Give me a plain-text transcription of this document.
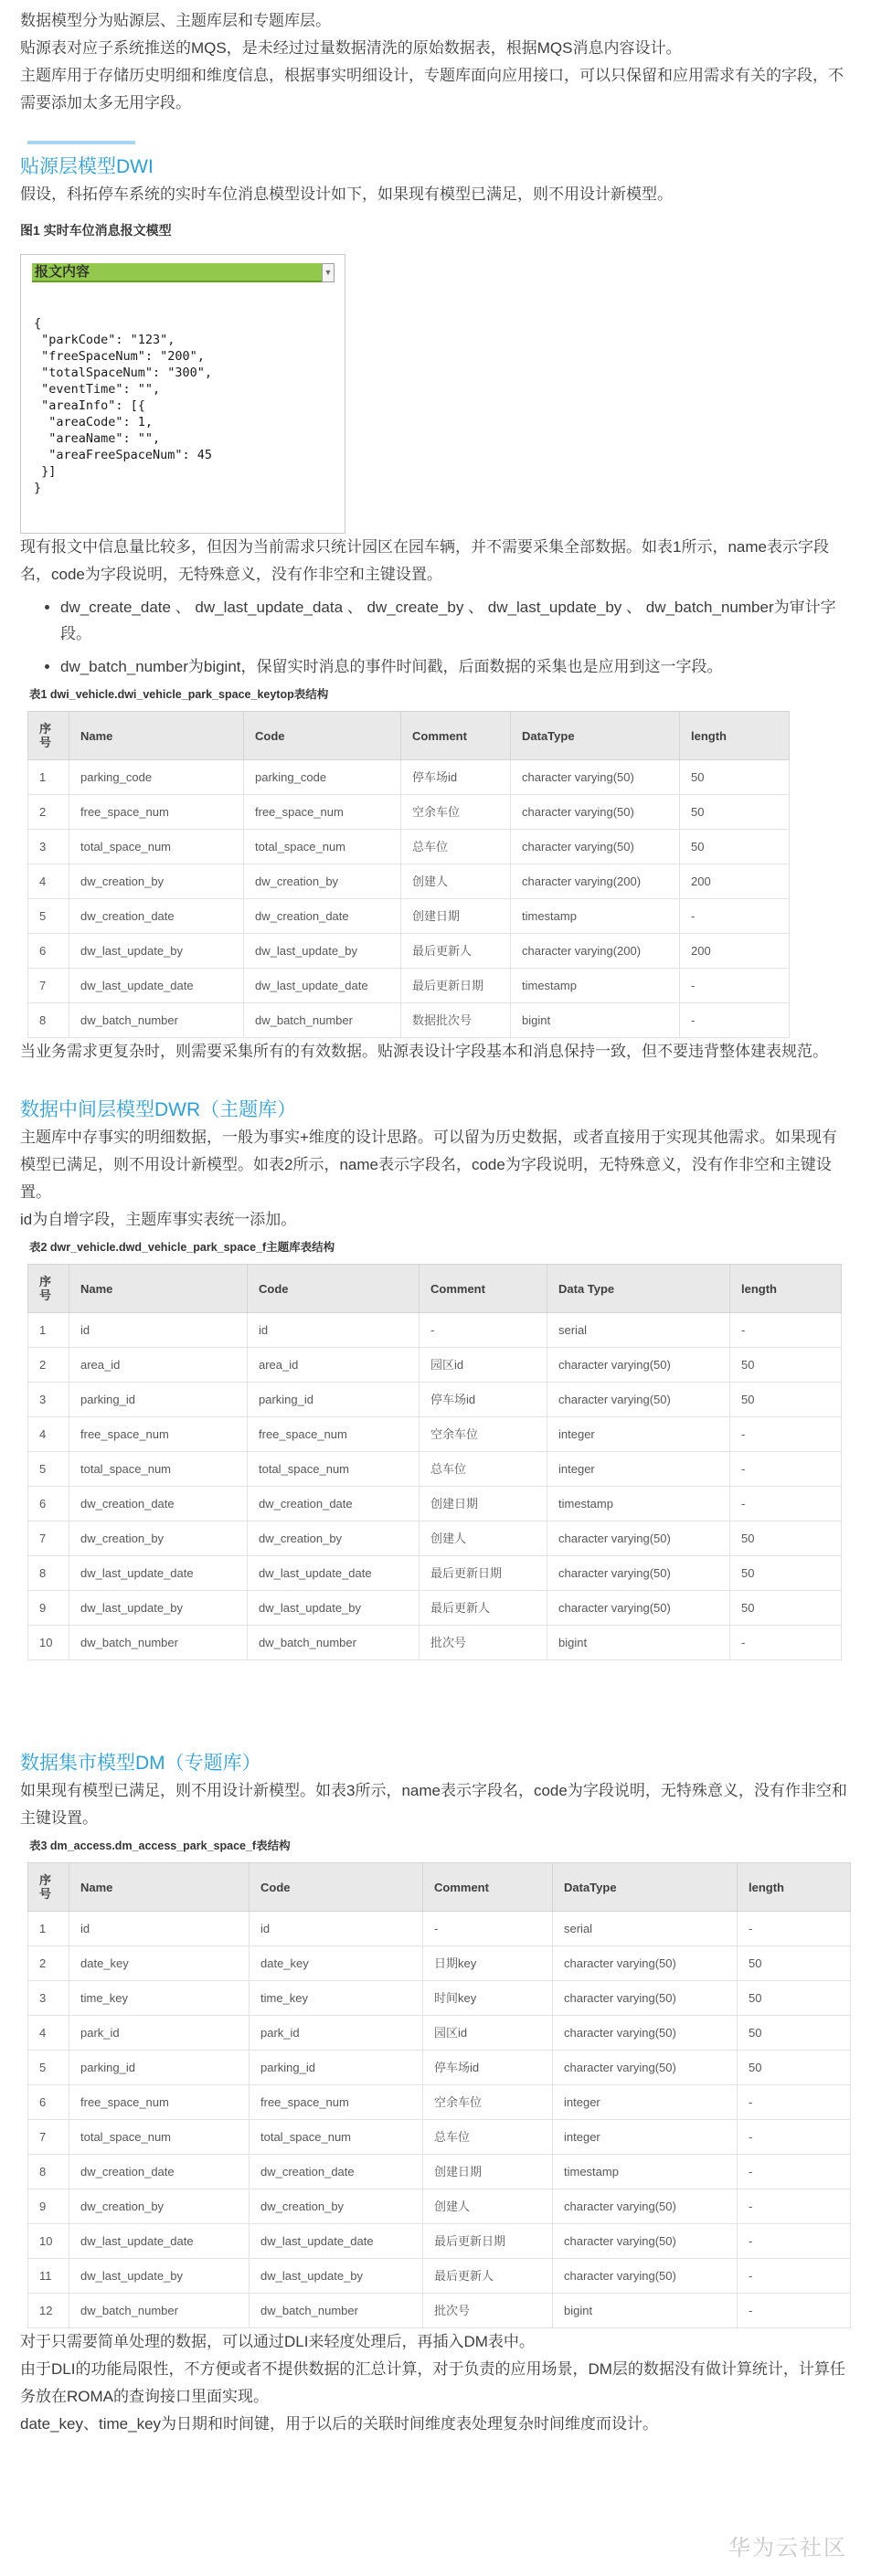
数据模型分为贴源层、主题库层和专题库层。

贴源表对应子系统推送的MQS，是未经过过量数据清洗的原始数据表，根据MQS消息内容设计。

主题库用于存储历史明细和维度信息，根据事实明细设计，专题库面向应用接口，可以只保留和应用需求有关的字段，不需要添加太多无用字段。

贴源层模型DWI

假设，科拓停车系统的实时车位消息模型设计如下，如果现有模型已满足，则不用设计新模型。

图1 实时车位消息报文模型
报文内容	▼
{
"parkCode": "123",
"freeSpaceNum": "200",
"totalSpaceNum": "300",
"eventTime": "",
"areaInfo": [{
"areaCode": 1,
"areaName": "",
"areaFreeSpaceNum": 45
}]
}

现有报文中信息量比较多，但因为当前需求只统计园区在园车辆，并不需要采集全部数据。如表1所示，name表示字段名，code为字段说明，无特殊意义，没有作非空和主键设置。

• dw_create_date 、 dw_last_update_data 、 dw_create_by 、 dw_last_update_by 、 dw_batch_number为审计字段。
• dw_batch_number为bigint，保留实时消息的事件时间戳，后面数据的采集也是应用到这一字段。
表1 dwi_vehicle.dwi_vehicle_park_space_keytop表结构
序号	Name	Code	Comment	DataType	length
1	parking_code	parking_code	停车场id	character varying(50)	50
2	free_space_num	free_space_num	空余车位	character varying(50)	50
3	total_space_num	total_space_num	总车位	character varying(50)	50
4	dw_creation_by	dw_creation_by	创建人	character varying(200)	200
5	dw_creation_date	dw_creation_date	创建日期	timestamp	-
6	dw_last_update_by	dw_last_update_by	最后更新人	character varying(200)	200
7	dw_last_update_date	dw_last_update_date	最后更新日期	timestamp	-
8	dw_batch_number	dw_batch_number	数据批次号	bigint	-

当业务需求更复杂时，则需要采集所有的有效数据。贴源表设计字段基本和消息保持一致，但不要违背整体建表规范。

数据中间层模型DWR（主题库）

主题库中存事实的明细数据，一般为事实+维度的设计思路。可以留为历史数据，或者直接用于实现其他需求。如果现有模型已满足，则不用设计新模型。如表2所示，name表示字段名，code为字段说明，无特殊意义，没有作非空和主键设置。

id为自增字段，主题库事实表统一添加。

表2 dwr_vehicle.dwd_vehicle_park_space_f主题库表结构
序号	Name	Code	Comment	Data Type	length
1	id	id	-	serial	-
2	area_id	area_id	园区id	character varying(50)	50
3	parking_id	parking_id	停车场id	character varying(50)	50
4	free_space_num	free_space_num	空余车位	integer	-
5	total_space_num	total_space_num	总车位	integer	-
6	dw_creation_date	dw_creation_date	创建日期	timestamp	-
7	dw_creation_by	dw_creation_by	创建人	character varying(50)	50
8	dw_last_update_date	dw_last_update_date	最后更新日期	character varying(50)	50
9	dw_last_update_by	dw_last_update_by	最后更新人	character varying(50)	50
10	dw_batch_number	dw_batch_number	批次号	bigint	-
数据集市模型DM（专题库）

如果现有模型已满足，则不用设计新模型。如表3所示，name表示字段名，code为字段说明，无特殊意义，没有作非空和主键设置。

表3 dm_access.dm_access_park_space_f表结构
序号	Name	Code	Comment	DataType	length
1	id	id	-	serial	-
2	date_key	date_key	日期key	character varying(50)	50
3	time_key	time_key	时间key	character varying(50)	50
4	park_id	park_id	园区id	character varying(50)	50
5	parking_id	parking_id	停车场id	character varying(50)	50
6	free_space_num	free_space_num	空余车位	integer	-
7	total_space_num	total_space_num	总车位	integer	-
8	dw_creation_date	dw_creation_date	创建日期	timestamp	-
9	dw_creation_by	dw_creation_by	创建人	character varying(50)	-
10	dw_last_update_date	dw_last_update_date	最后更新日期	character varying(50)	-
11	dw_last_update_by	dw_last_update_by	最后更新人	character varying(50)	-
12	dw_batch_number	dw_batch_number	批次号	bigint	-

对于只需要简单处理的数据，可以通过DLI来轻度处理后，再插入DM表中。

由于DLI的功能局限性，不方便或者不提供数据的汇总计算，对于负责的应用场景，DM层的数据没有做计算统计，计算任务放在ROMA的查询接口里面实现。

date_key、time_key为日期和时间键，用于以后的关联时间维度表处理复杂时间维度而设计。

华为云社区
